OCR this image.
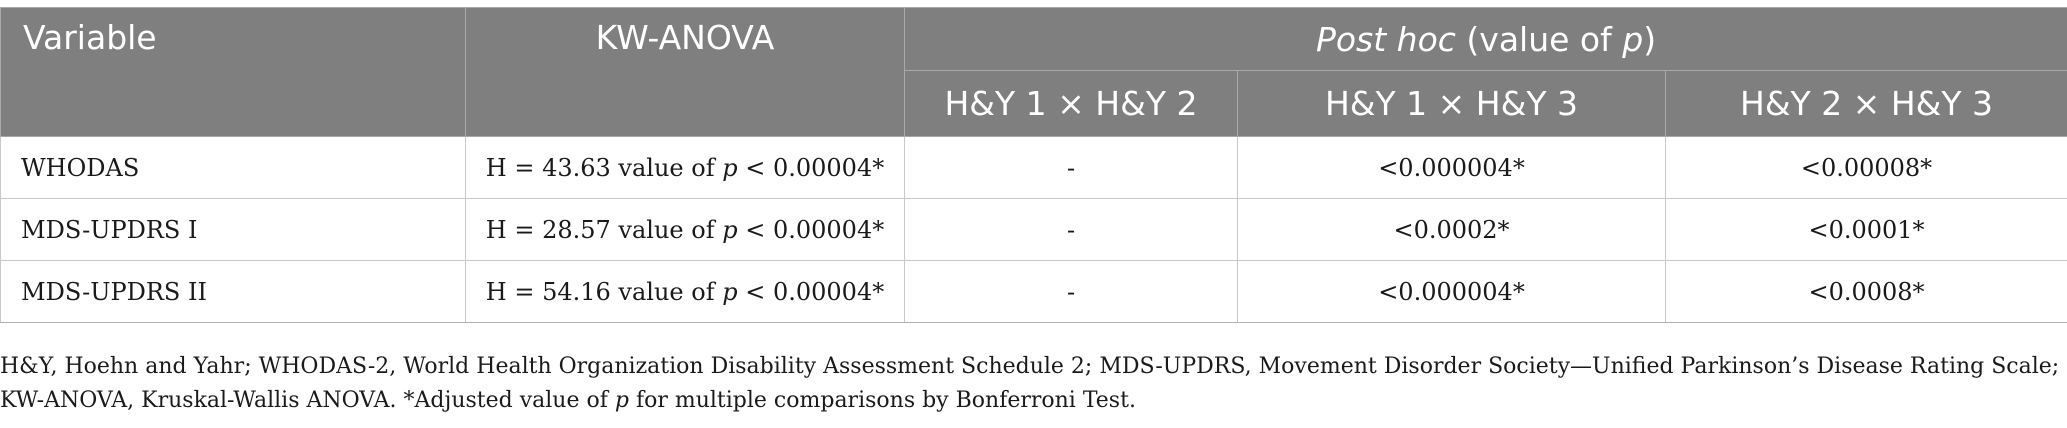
Variable	KW-ANOVA	Post hoc (value of p)		
		H&Y 1 × H&Y 2	H&Y 1 × H&Y 3	H&Y 2 × H&Y 3
WHODAS	H = 43.63 value of p < 0.00004*	-	<0.000004*	<0.00008*
MDS-UPDRS I	H = 28.57 value of p < 0.00004*	-	<0.0002*	<0.0001*
MDS-UPDRS II	H = 54.16 value of p < 0.00004*	-	<0.000004*	<0.0008*

H&Y, Hoehn and Yahr; WHODAS-2, World Health Organization Disability Assessment Schedule 2; MDS-UPDRS, Movement Disorder Society—Unified Parkinson’s Disease Rating Scale;

KW-ANOVA, Kruskal-Wallis ANOVA. *Adjusted value of p for multiple comparisons by Bonferroni Test.
